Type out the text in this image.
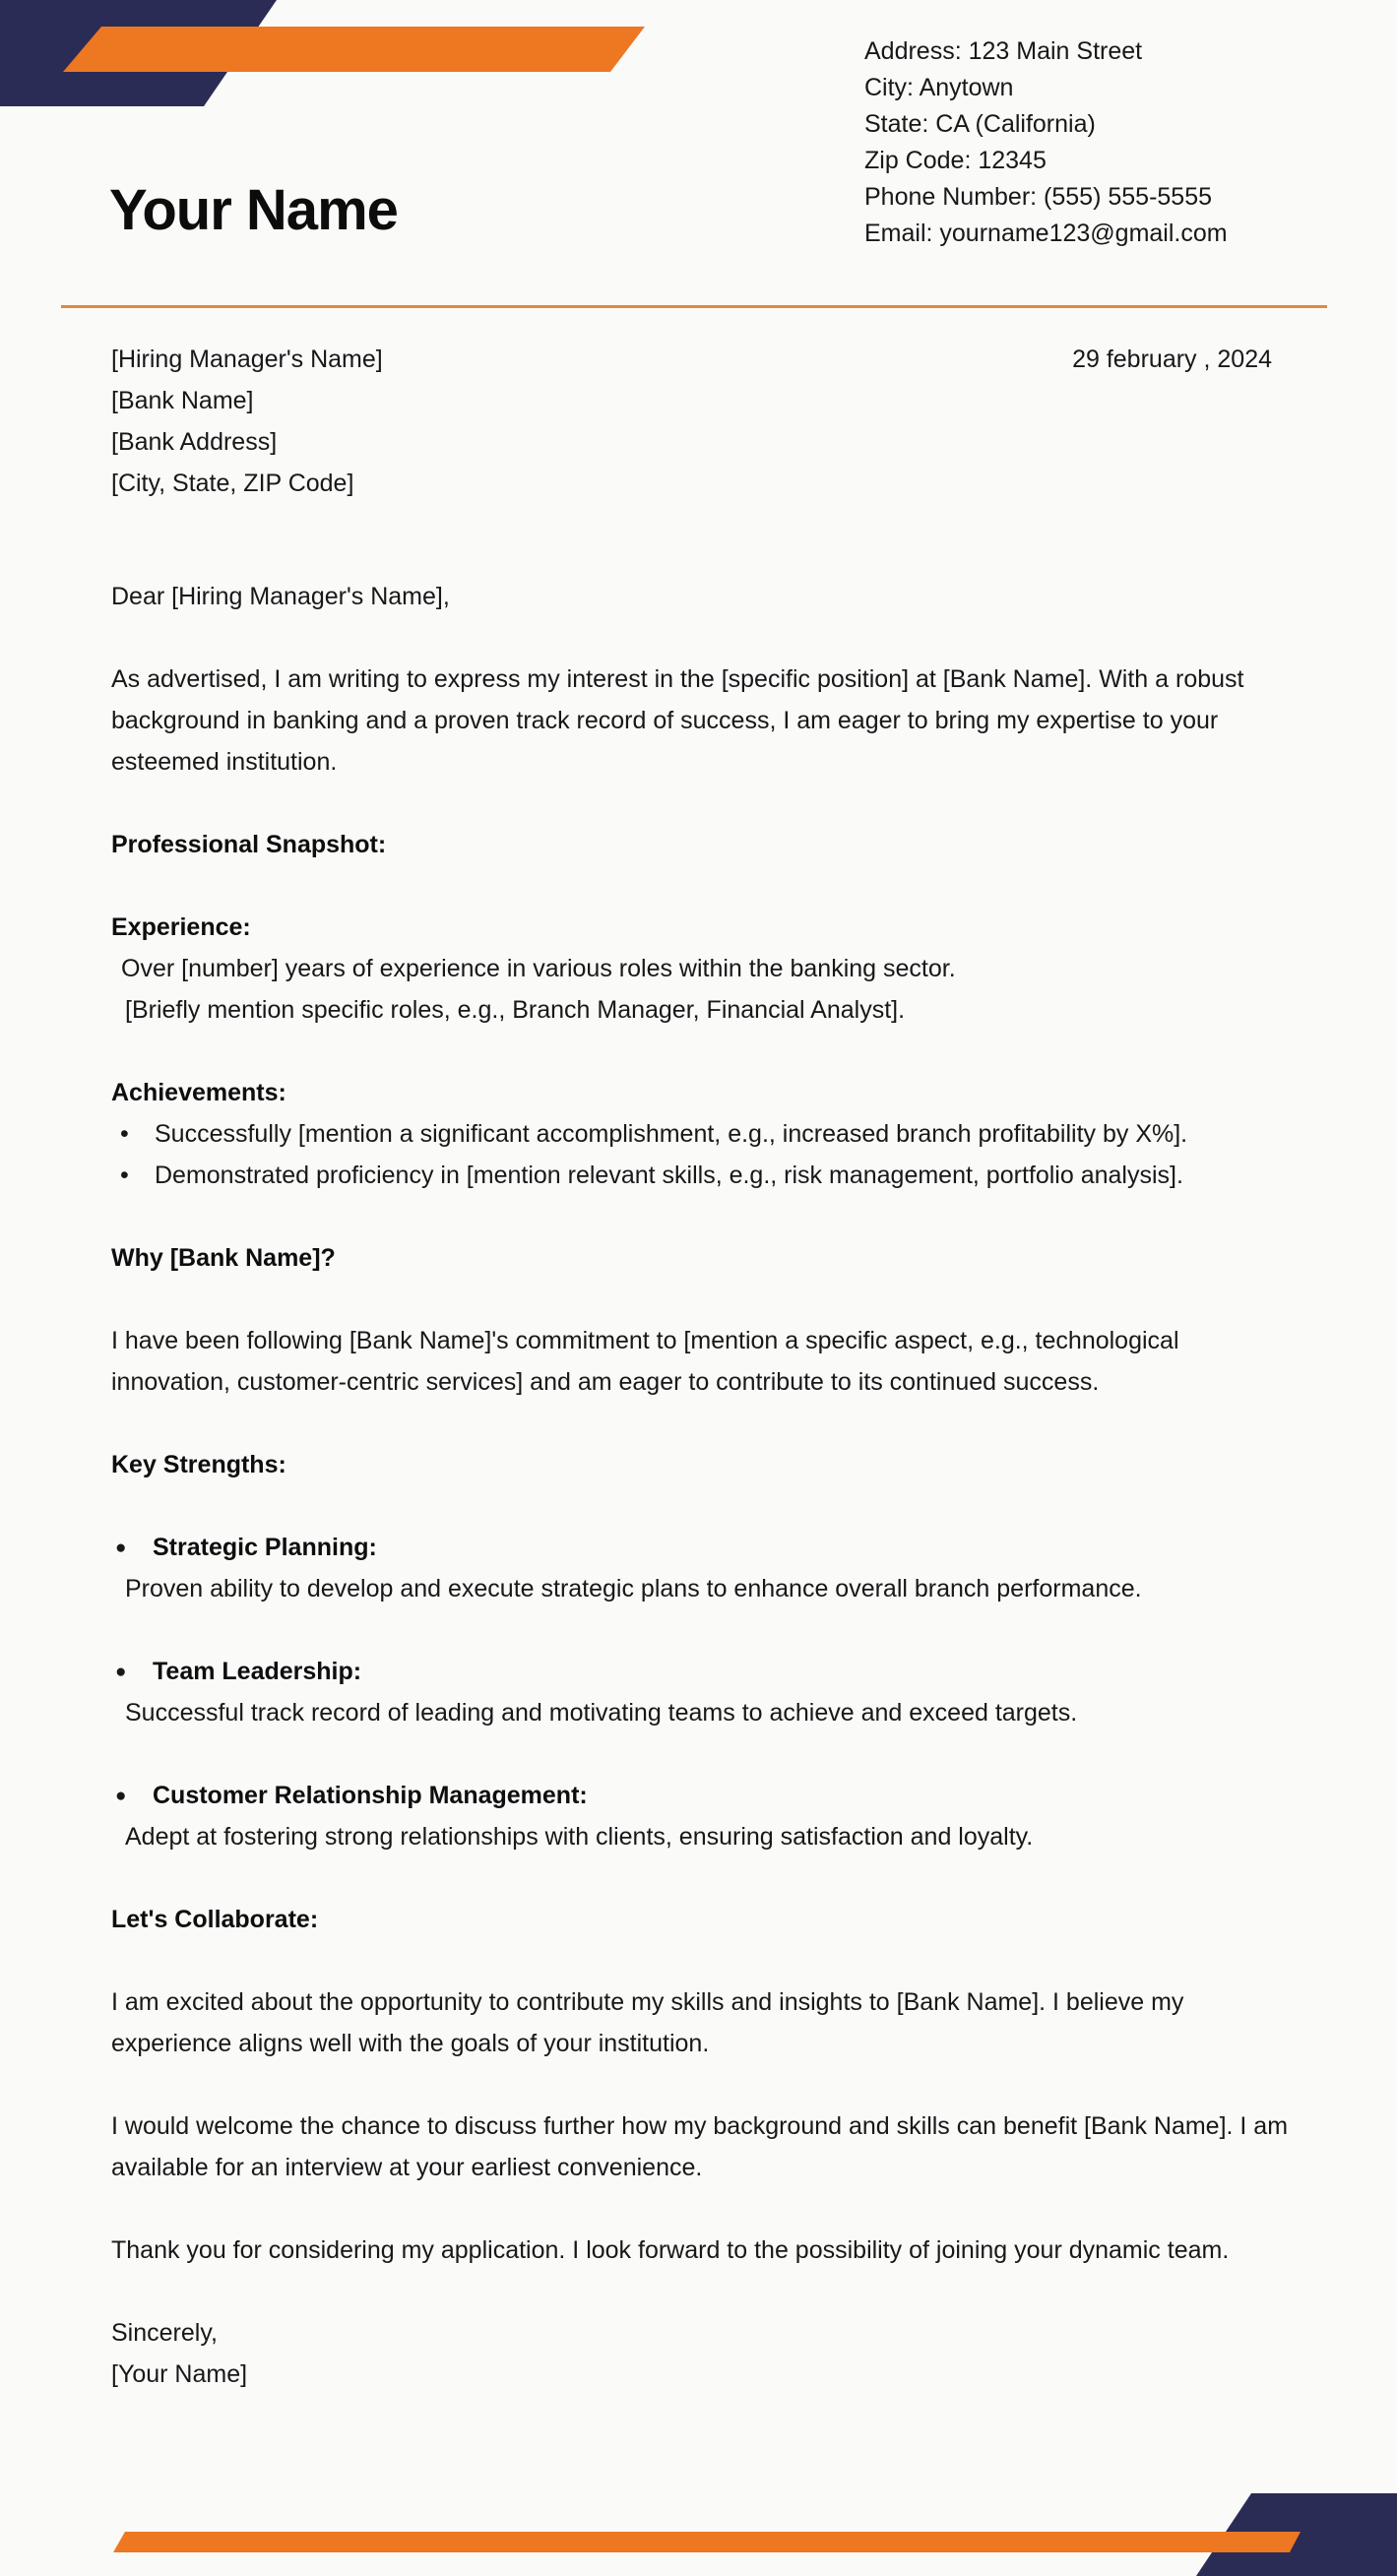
Your Name
Address: 123 Main Street
City: Anytown
State: CA (California)
Zip Code: 12345
Phone Number: (555) 555-5555
Email: yourname123@gmail.com
29 february , 2024
[Hiring Manager's Name]
[Bank Name]
[Bank Address]
[City, State, ZIP Code]

Dear [Hiring Manager's Name],

As advertised, I am writing to express my interest in the [specific position] at [Bank Name]. With a robust background in banking and a proven track record of success, I am eager to bring my expertise to your esteemed institution.

Professional Snapshot:

Experience:

Over [number] years of experience in various roles within the banking sector.
[Briefly mention specific roles, e.g., Branch Manager, Financial Analyst].

Achievements:

• Successfully [mention a significant accomplishment, e.g., increased branch profitability by X%].
• Demonstrated proficiency in [mention relevant skills, e.g., risk management, portfolio analysis].

Why [Bank Name]?

I have been following [Bank Name]'s commitment to [mention a specific aspect, e.g., technological innovation, customer-centric services] and am eager to contribute to its continued success.

Key Strengths:

● Strategic Planning:
Proven ability to develop and execute strategic plans to enhance overall branch performance.
● Team Leadership:
Successful track record of leading and motivating teams to achieve and exceed targets.
● Customer Relationship Management:
Adept at fostering strong relationships with clients, ensuring satisfaction and loyalty.

Let's Collaborate:

I am excited about the opportunity to contribute my skills and insights to [Bank Name]. I believe my experience aligns well with the goals of your institution.

I would welcome the chance to discuss further how my background and skills can benefit [Bank Name]. I am available for an interview at your earliest convenience.

Thank you for considering my application. I look forward to the possibility of joining your dynamic team.

Sincerely,

[Your Name]
